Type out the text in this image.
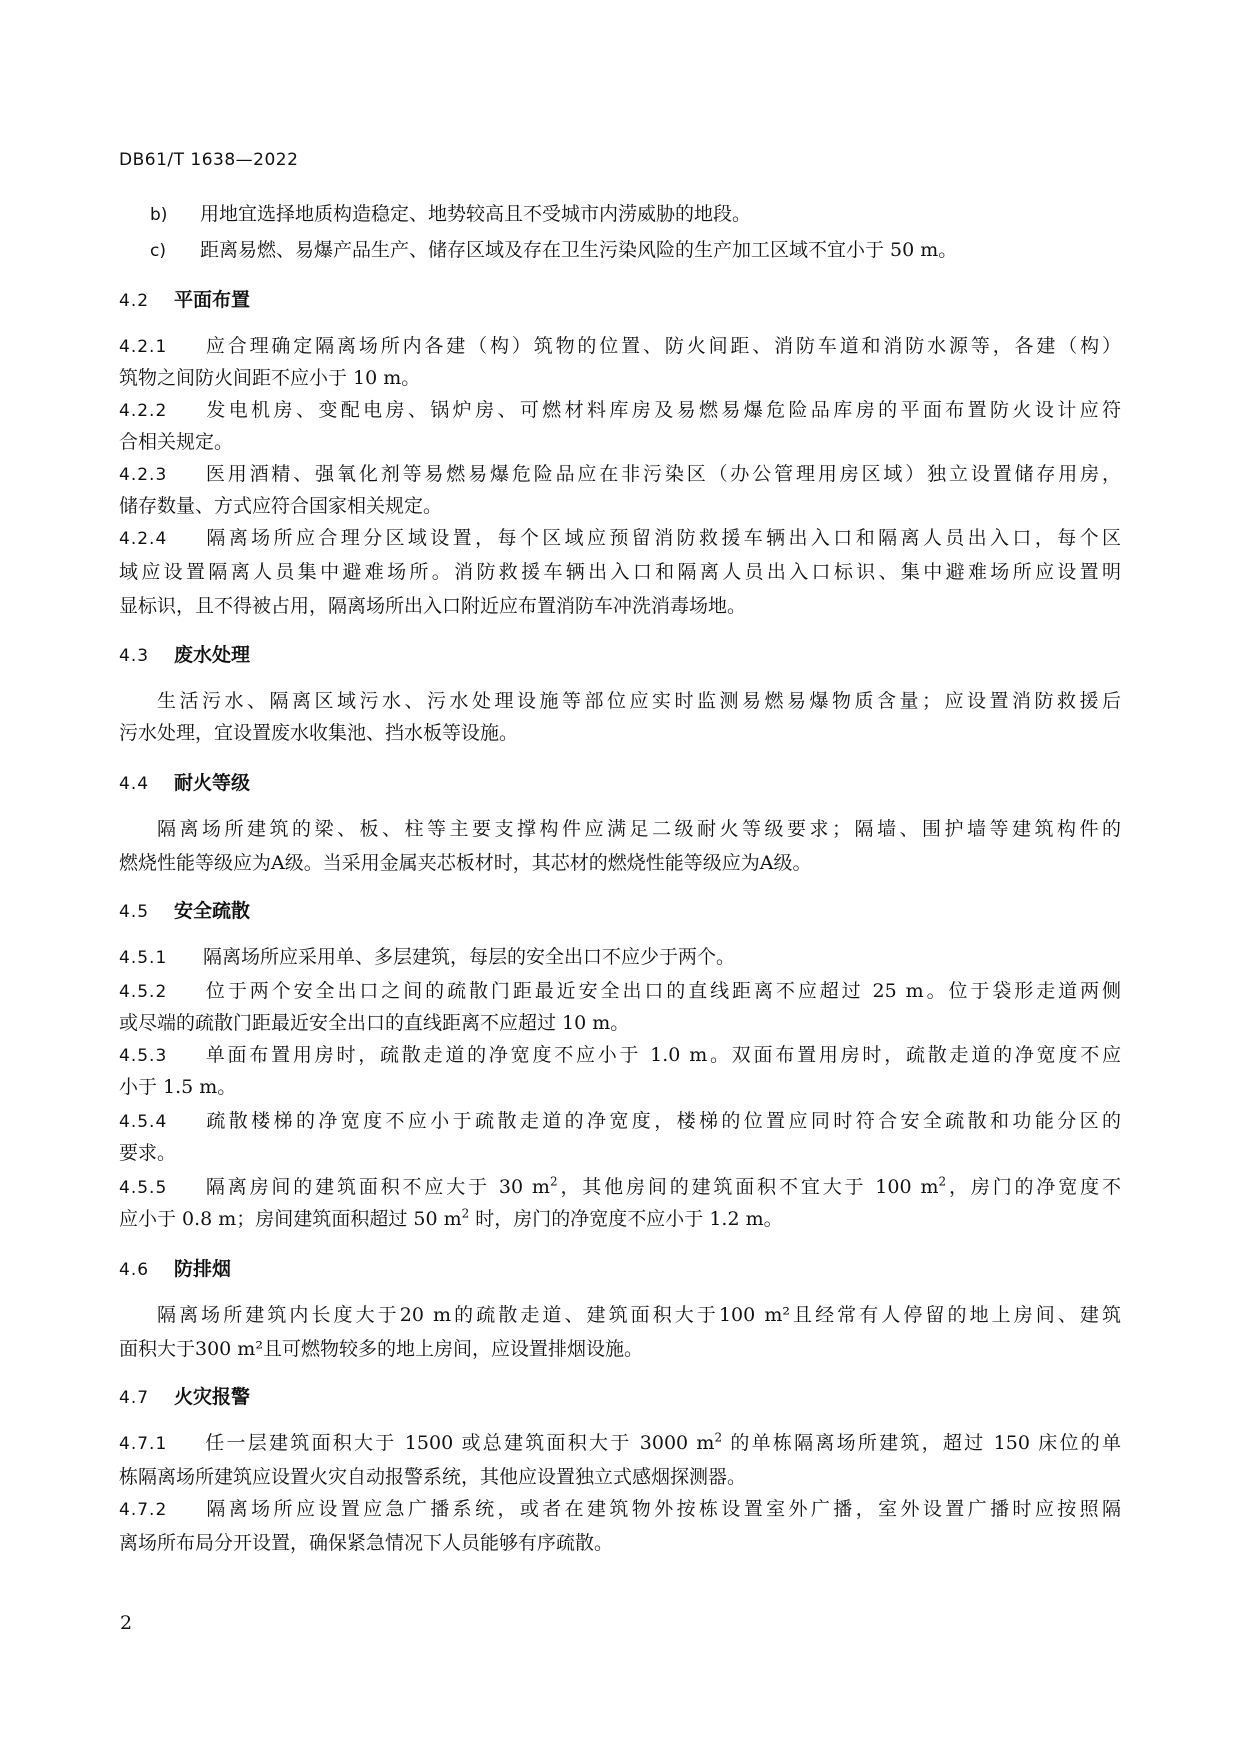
DB61/T 1638—2022
b) 用地宜选择地质构造稳定、地势较高且不受城市内涝威胁的地段。
c) 距离易燃、易爆产品生产、储存区域及存在卫生污染风险的生产加工区域不宜小于 50 m。
4.2 平面布置
4.2.1 应合理确定隔离场所内各建（构）筑物的位置、防火间距、消防车道和消防水源等，各建（构）
筑物之间防火间距不应小于 10 m。
4.2.2 发电机房、变配电房、锅炉房、可燃材料库房及易燃易爆危险品库房的平面布置防火设计应符
合相关规定。
4.2.3 医用酒精、强氧化剂等易燃易爆危险品应在非污染区（办公管理用房区域）独立设置储存用房，
储存数量、方式应符合国家相关规定。
4.2.4 隔离场所应合理分区域设置，每个区域应预留消防救援车辆出入口和隔离人员出入口，每个区
域应设置隔离人员集中避难场所。消防救援车辆出入口和隔离人员出入口标识、集中避难场所应设置明
显标识，且不得被占用，隔离场所出入口附近应布置消防车冲洗消毒场地。
4.3 废水处理
生活污水、隔离区域污水、污水处理设施等部位应实时监测易燃易爆物质含量；应设置消防救援后
污水处理，宜设置废水收集池、挡水板等设施。
4.4 耐火等级
隔离场所建筑的梁、板、柱等主要支撑构件应满足二级耐火等级要求；隔墙、围护墙等建筑构件的
燃烧性能等级应为A级。当采用金属夹芯板材时，其芯材的燃烧性能等级应为A级。
4.5 安全疏散
4.5.1 隔离场所应采用单、多层建筑，每层的安全出口不应少于两个。
4.5.2 位于两个安全出口之间的疏散门距最近安全出口的直线距离不应超过 25 m。位于袋形走道两侧
或尽端的疏散门距最近安全出口的直线距离不应超过 10 m。
4.5.3 单面布置用房时，疏散走道的净宽度不应小于 1.0 m。双面布置用房时，疏散走道的净宽度不应
小于 1.5 m。
4.5.4 疏散楼梯的净宽度不应小于疏散走道的净宽度，楼梯的位置应同时符合安全疏散和功能分区的
要求。
4.5.5 隔离房间的建筑面积不应大于 30 $m^2$，其他房间的建筑面积不宜大于 100 $m^2$，房门的净宽度不
应小于 0.8 m；房间建筑面积超过 50 $m^2$ 时，房门的净宽度不应小于 1.2 m。
4.6 防排烟
隔离场所建筑内长度大于20 m的疏散走道、建筑面积大于100 m²且经常有人停留的地上房间、建筑
面积大于300 m²且可燃物较多的地上房间，应设置排烟设施。
4.7 火灾报警
4.7.1 任一层建筑面积大于 1500 或总建筑面积大于 3000 $m^2$ 的单栋隔离场所建筑，超过 150 床位的单
栋隔离场所建筑应设置火灾自动报警系统，其他应设置独立式感烟探测器。
4.7.2 隔离场所应设置应急广播系统，或者在建筑物外按栋设置室外广播，室外设置广播时应按照隔
离场所布局分开设置，确保紧急情况下人员能够有序疏散。
2
